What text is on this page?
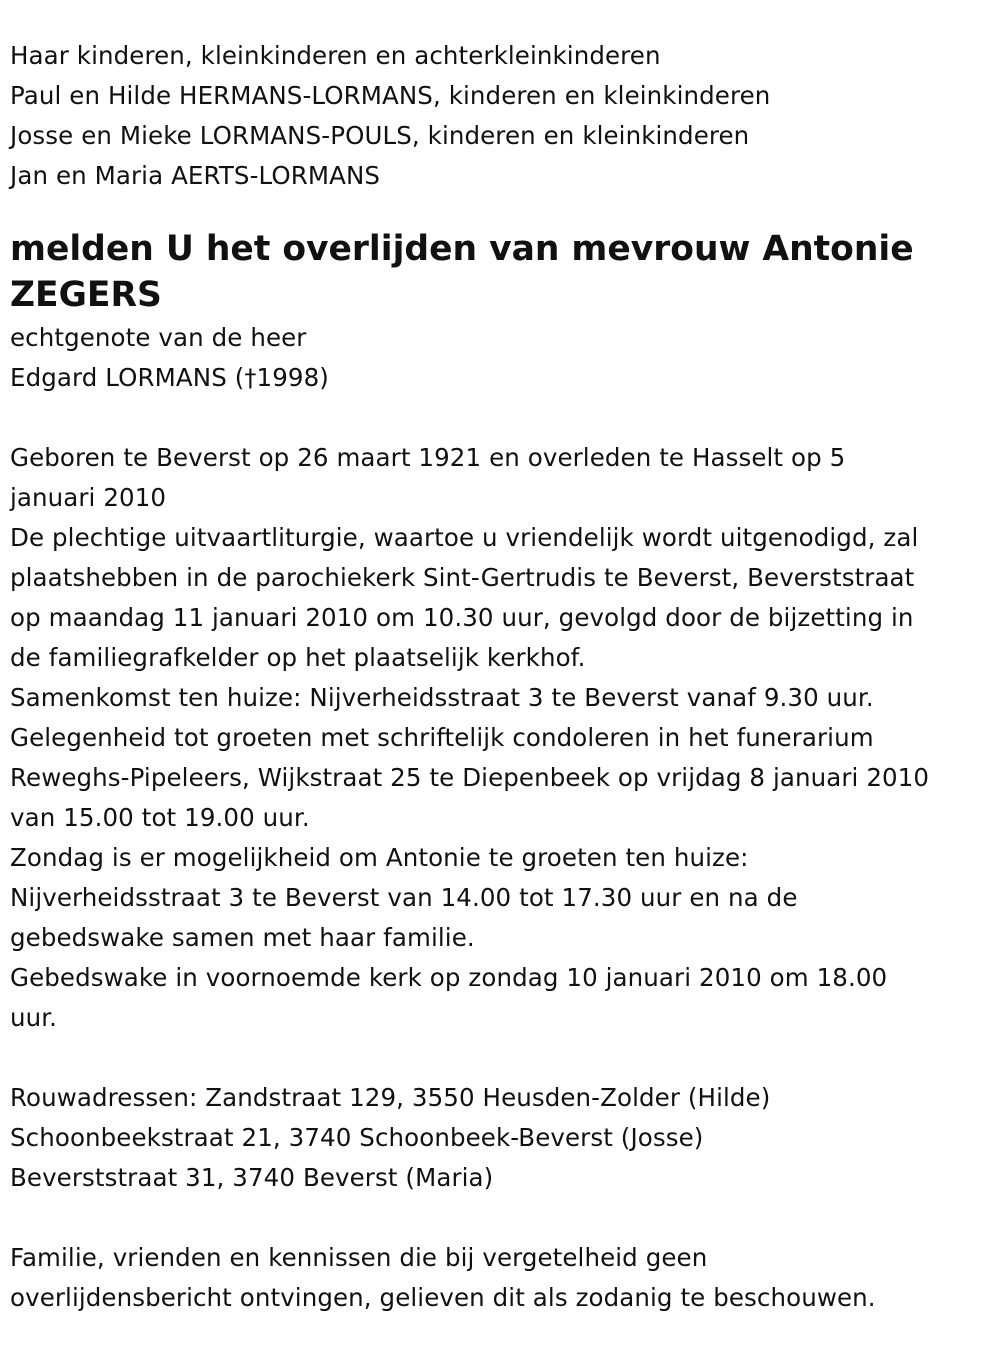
Haar kinderen, kleinkinderen en achterkleinkinderen
Paul en Hilde HERMANS-LORMANS, kinderen en kleinkinderen
Josse en Mieke LORMANS-POULS, kinderen en kleinkinderen
Jan en Maria AERTS-LORMANS
melden U het overlijden van mevrouw Antonie
ZEGERS
echtgenote van de heer
Edgard LORMANS (†1998)
Geboren te Beverst op 26 maart 1921 en overleden te Hasselt op 5
januari 2010
De plechtige uitvaartliturgie, waartoe u vriendelijk wordt uitgenodigd, zal
plaatshebben in de parochiekerk Sint-Gertrudis te Beverst, Beverststraat
op maandag 11 januari 2010 om 10.30 uur, gevolgd door de bijzetting in
de familiegrafkelder op het plaatselijk kerkhof.
Samenkomst ten huize: Nijverheidsstraat 3 te Beverst vanaf 9.30 uur.
Gelegenheid tot groeten met schriftelijk condoleren in het funerarium
Reweghs-Pipeleers, Wijkstraat 25 te Diepenbeek op vrijdag 8 januari 2010
van 15.00 tot 19.00 uur.
Zondag is er mogelijkheid om Antonie te groeten ten huize:
Nijverheidsstraat 3 te Beverst van 14.00 tot 17.30 uur en na de
gebedswake samen met haar familie.
Gebedswake in voornoemde kerk op zondag 10 januari 2010 om 18.00
uur.
Rouwadressen: Zandstraat 129, 3550 Heusden-Zolder (Hilde)
Schoonbeekstraat 21, 3740 Schoonbeek-Beverst (Josse)
Beverststraat 31, 3740 Beverst (Maria)
Familie, vrienden en kennissen die bij vergetelheid geen
overlijdensbericht ontvingen, gelieven dit als zodanig te beschouwen.
